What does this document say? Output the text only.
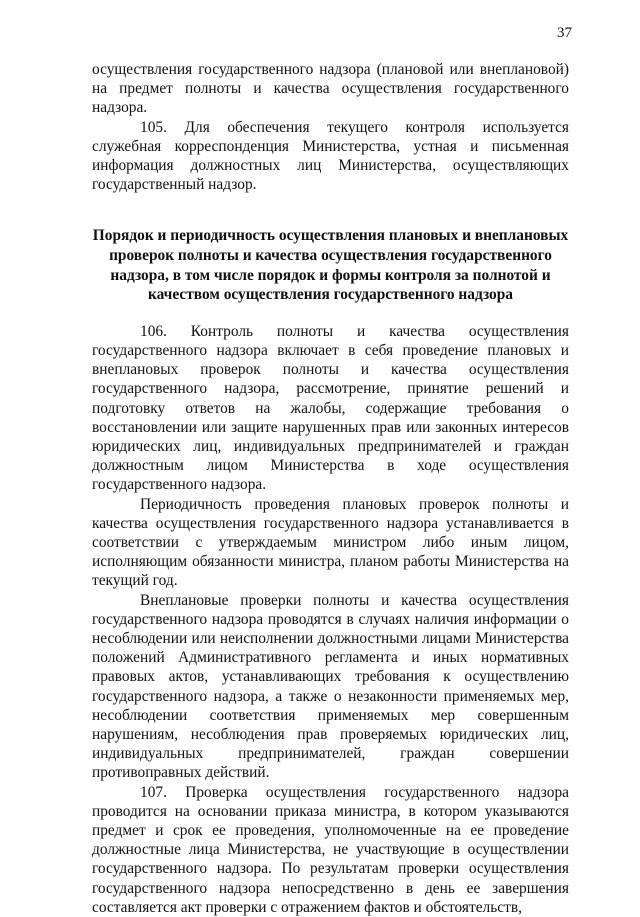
37

осуществления государственного надзора (плановой или внеплановой) на предмет полноты и качества осуществления государственного надзора.

105. Для обеспечения текущего контроля используется служебная корреспонденция Министерства, устная и письменная информация должностных лиц Министерства, осуществляющих государственный надзор.

Порядок и периодичность осуществления плановых и внеплановых
проверок полноты и качества осуществления государственного
надзора, в том числе порядок и формы контроля за полнотой и
качеством осуществления государственного надзора

106. Контроль полноты и качества осуществления государственного надзора включает в себя проведение плановых и внеплановых проверок полноты и качества осуществления государственного надзора, рассмотрение, принятие решений и подготовку ответов на жалобы, содержащие требования о восстановлении или защите нарушенных прав или законных интересов юридических лиц, индивидуальных предпринимателей и граждан должностным лицом Министерства в ходе осуществления государственного надзора.

Периодичность проведения плановых проверок полноты и качества осуществления государственного надзора устанавливается в соответствии с утверждаемым министром либо иным лицом, исполняющим обязанности министра, планом работы Министерства на текущий год.

Внеплановые проверки полноты и качества осуществления государственного надзора проводятся в случаях наличия информации о несоблюдении или неисполнении должностными лицами Министерства положений Административного регламента и иных нормативных правовых актов, устанавливающих требования к осуществлению государственного надзора, а также о незаконности применяемых мер, несоблюдении соответствия применяемых мер совершенным нарушениям, несоблюдения прав проверяемых юридических лиц, индивидуальных предпринимателей, граждан совершении противоправных действий.

107. Проверка осуществления государственного надзора проводится на основании приказа министра, в котором указываются предмет и срок ее проведения, уполномоченные на ее проведение должностные лица Министерства, не участвующие в осуществлении государственного надзора. По результатам проверки осуществления государственного надзора непосредственно в день ее завершения составляется акт проверки с отражением фактов и обстоятельств,
